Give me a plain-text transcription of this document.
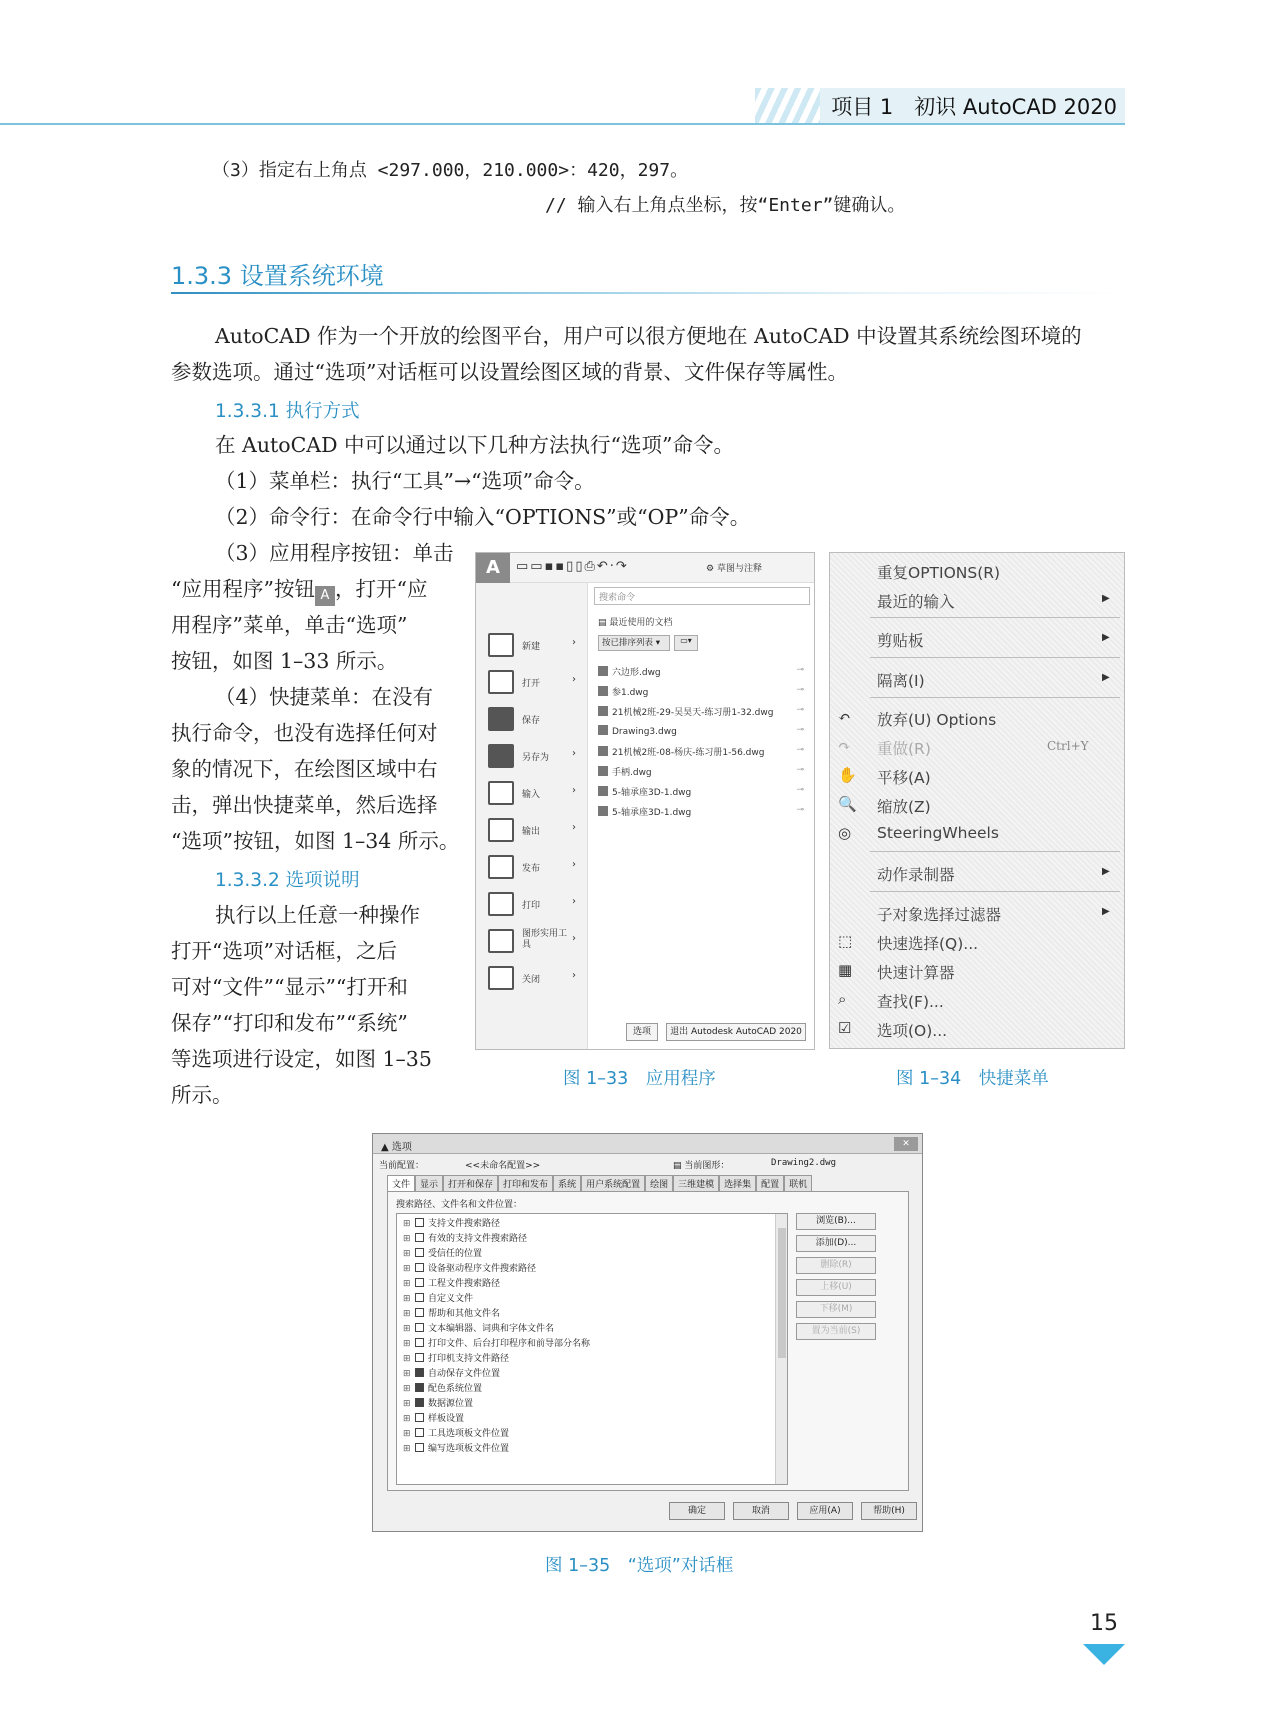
项目 1　初识 AutoCAD 2020
（3）指定右上角点 <297.000，210.000>：420，297。
// 输入右上角点坐标，按“Enter”键确认。
1.3.3 设置系统环境
AutoCAD 作为一个开放的绘图平台，用户可以很方便地在 AutoCAD 中设置其系统绘图环境的
参数选项。通过“选项”对话框可以设置绘图区域的背景、文件保存等属性。
1.3.3.1 执行方式
在 AutoCAD 中可以通过以下几种方法执行“选项”命令。
（1）菜单栏：执行“工具”→“选项”命令。
（2）命令行：在命令行中输入“OPTIONS”或“OP”命令。
（3）应用程序按钮：单击
“应用程序”按钮 A ，打开“应
用程序”菜单，单击“选项”
按钮，如图 1–33 所示。
（4）快捷菜单：在没有
执行命令，也没有选择任何对
象的情况下，在绘图区域中右
击，弹出快捷菜单，然后选择
“选项”按钮，如图 1–34 所示。
1.3.3.2 选项说明
执行以上任意一种操作
打开“选项”对话框，之后
可对“文件”“显示”“打开和
保存”“打印和发布”“系统”
等选项进行设定，如图 1–35
所示。
A	▭▭▪▪▯▯⎙↶·↷	⚙ 草图与注释
搜索命令
新建	›
打开	›
保存
另存为 ›
输入	›
输出	›
发布	›
打印	›
图形实用工具
›
关闭	›
▤ 最近使用的文档
按已排序列表 ▾	▭▾
六边形.dwg	⊸
参1.dwg	⊸
21机械2班-29-吴昊天-练习册1-32.dwg	⊸
Drawing3.dwg	⊸
21机械2班-08-杨庆-练习册1-56.dwg	⊸
手柄.dwg	⊸
5-轴承座3D-1.dwg	⊸
5-轴承座3D-1.dwg	⊸
选项	退出 Autodesk AutoCAD 2020
图 1–33　应用程序
重复OPTIONS(R)
最近的输入	▶
剪贴板	▶
隔离(I)	▶
↶ 放弃(U) Options
↷ 重做(R)	Ctrl+Y
✋ 平移(A)
🔍 缩放(Z)
◎ SteeringWheels
动作录制器	▶
子对象选择过滤器	▶
⬚ 快速选择(Q)...
▦ 快速计算器
⌕ 查找(F)...
☑ 选项(O)...
图 1–34　快捷菜单
▲ 选项	✕
当前配置：	<<未命名配置>>	▤ 当前图形：	Drawing2.dwg
文件	显示	打开和保存	打印和发布	系统	用户系统配置	绘图	三维建模	选择集	配置	联机
搜索路径、文件名和文件位置：
⊞ 支持文件搜索路径
⊞ 有效的支持文件搜索路径
⊞ 受信任的位置
⊞ 设备驱动程序文件搜索路径
⊞ 工程文件搜索路径
⊞ 自定义文件
⊞ 帮助和其他文件名
⊞ 文本编辑器、词典和字体文件名
⊞ 打印文件、后台打印程序和前导部分名称
⊞ 打印机支持文件路径
⊞ 自动保存文件位置
⊞ 配色系统位置
⊞ 数据源位置
⊞ 样板设置
⊞ 工具选项板文件位置
⊞ 编写选项板文件位置
浏览(B)...
添加(D)...
删除(R)
上移(U)
下移(M)
置为当前(S)
确定	取消	应用(A)	帮助(H)
图 1–35　“选项”对话框
15
